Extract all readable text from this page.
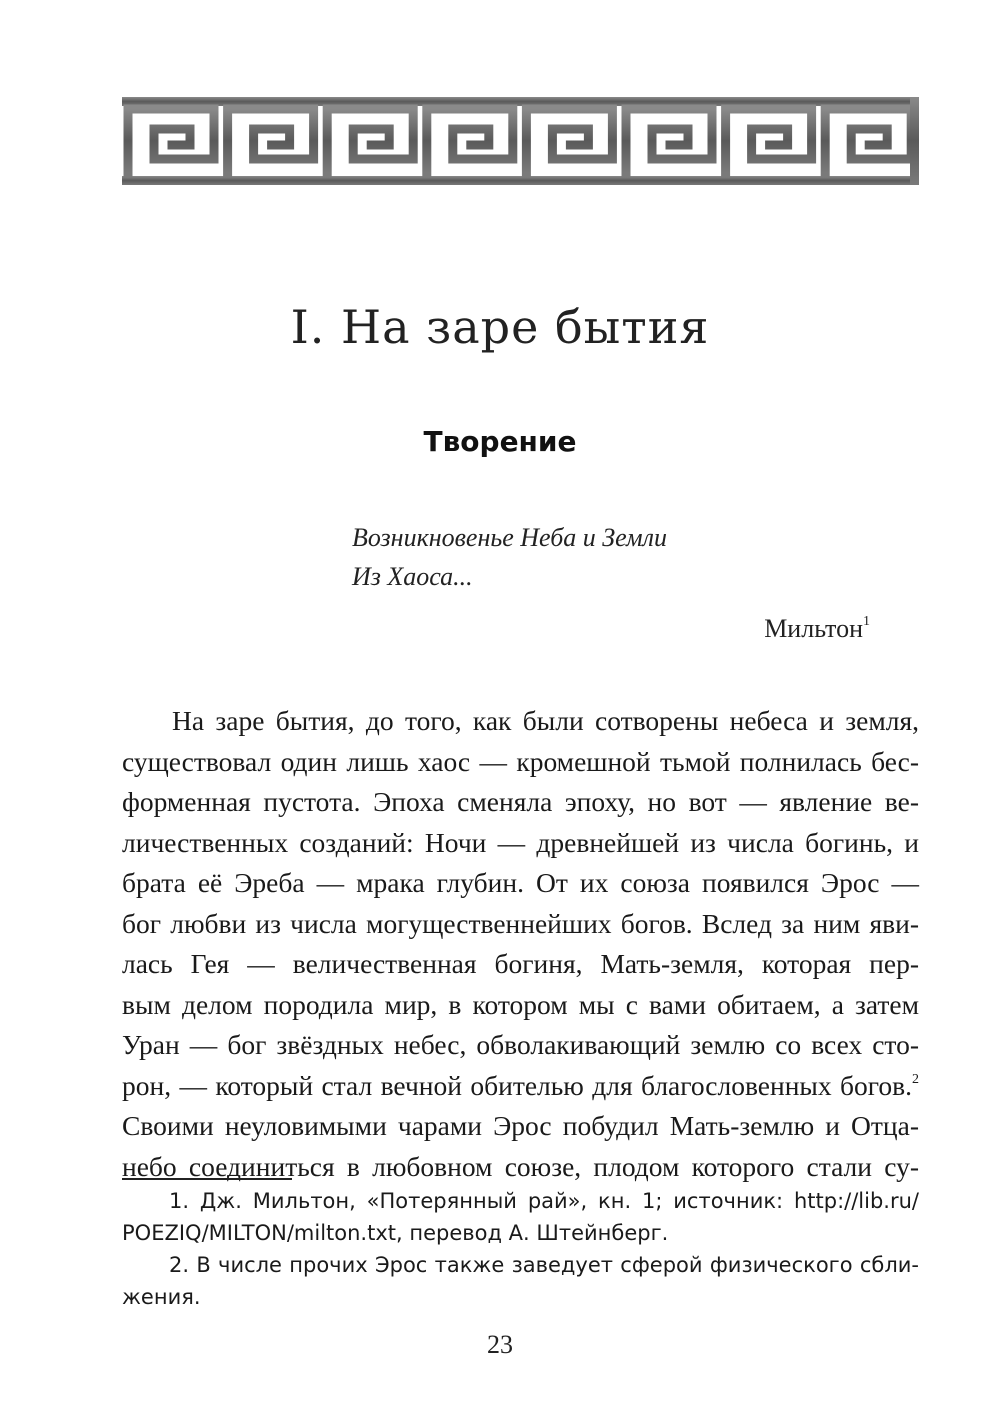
I. На заре бытия
Творение
Возникновенье Неба и Земли
Из Хаоса...
Мильтон$^1$
На заре бытия, до того, как были сотворены небеса и земля,
существовал один лишь хаос — кромешной тьмой полнилась бес-
форменная пустота. Эпоха сменяла эпоху, но вот — явление ве-
личественных созданий: Ночи — древнейшей из числа богинь, и
брата её Эреба — мрака глубин. От их союза появился Эрос —
бог любви из числа могущественнейших богов. Вслед за ним яви-
лась Гея — величественная богиня, Мать-земля, которая пер-
вым делом породила мир, в котором мы с вами обитаем, а затем
Уран — бог звёздных небес, обволакивающий землю со всех сто-
рон, — который стал вечной обителью для благословенных богов.$^2$
Своими неуловимыми чарами Эрос побудил Мать-землю и Отца-
небо соединиться в любовном союзе, плодом которого стали су-
1. Дж. Мильтон, «Потерянный рай», кн. 1; источник: http://lib.ru/
POEZIQ/MILTON/milton.txt, перевод А. Штейнберг.
2. В числе прочих Эрос также заведует сферой физического сбли-
жения.
23
